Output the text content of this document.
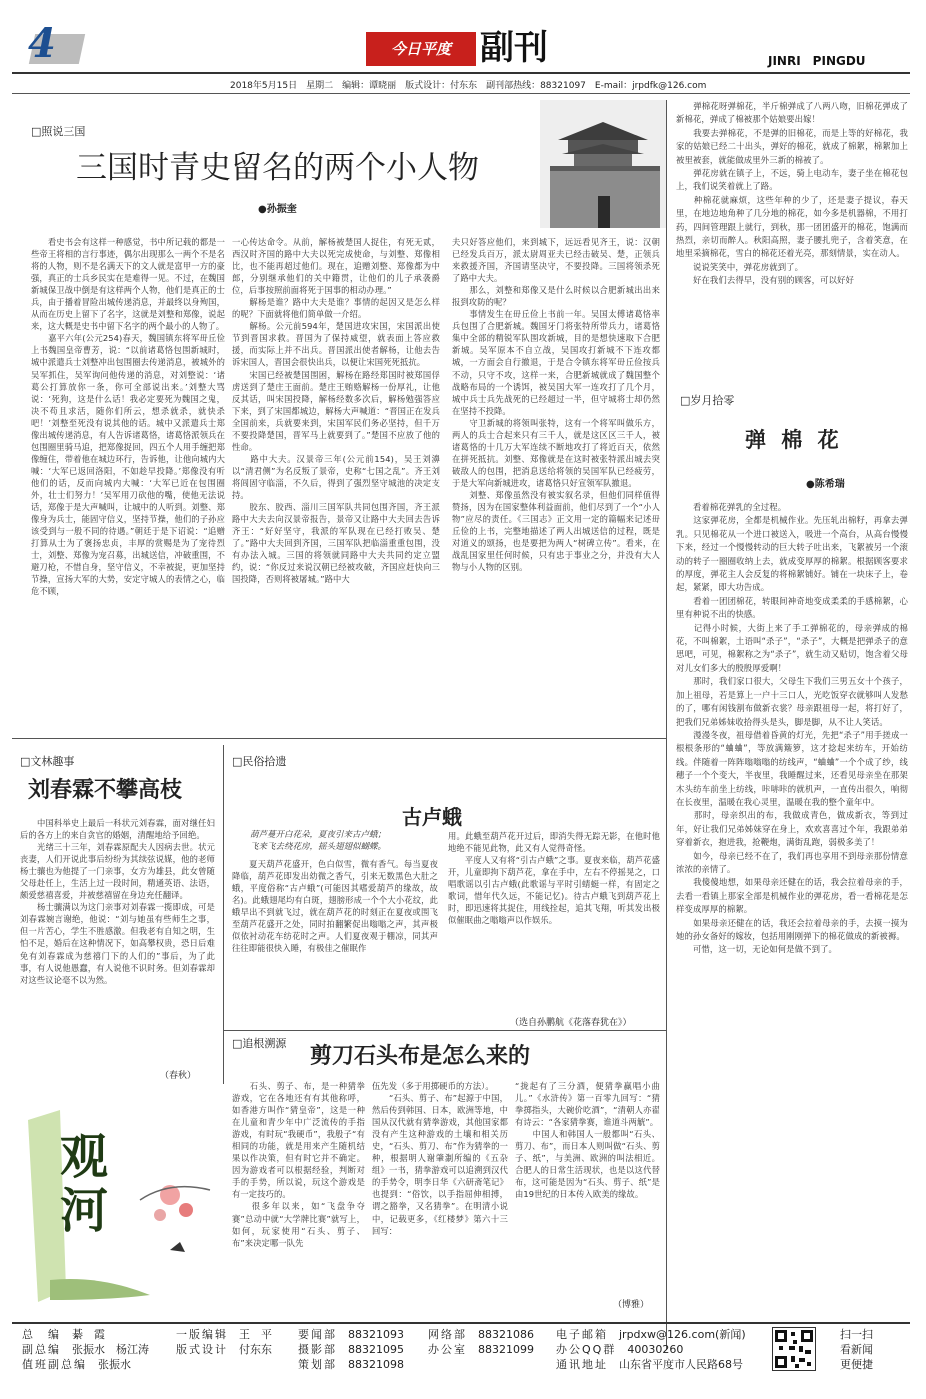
4	今日平度 副刊	JINRI　PINGDU
2018年5月15日　星期二　编辑：谭晓丽　版式设计：付东东　副刊部热线：88321097　E-mail：jrpdfk@126.com
□照说三国
三国时青史留名的两个小人物
●孙振奎
　　看史书会有这样一种感觉，书中所记载的都是一些帝王将相的言行事迹，偶尔出现那么一两个不是名将的人物，则不是名满天下的文人就是富甲一方的豪强，真正的士兵乡民实在是难得一见。不过，在魏国新城保卫战中倒是有这样两个人物，他们是真正的士兵，由于播着冒险出城传递消息，并最终以身殉国，从而在历史上留下了名字，这就是刘整和郑像，说起来，这大概是史书中留下名字的两个最小的人物了。
　　嘉平六年(公元254)春天，魏国镇东将军毌丘俭上书魏国皇帝曹芳，说：“以前诸葛恪包围新城时，城中派遣兵士刘整冲出包围圈去传递消息，被城外的吴军抓住，吴军询问他传递的消息，对刘整说：‘诸葛公打算放你一条，你可全部说出来。’刘整大骂说：‘死狗，这是什么话！我必定要死为魏国之鬼，决不苟且求活，随你们所云，想杀就杀，就快杀吧！’刘整至死没有说其他的话。城中又派遣兵士郑像出城传递消息，有人告诉诸葛恪，诸葛恪派领兵在包围圈里骑马追，把郑像捉回，四五个人用手缠把郑像缠住，带着他在城边环行，告诉他，让他向城内大喊：‘大军已返回洛阳，不如趁早投降。’郑像没有听他们的话，反而向城内大喊：‘大军已近在包围圈外，壮士们努力！’吴军用刀砍他的嘴，使他无法说话，郑像于是大声喊叫，让城中的人听到。刘整、郑像身为兵士，能固守信义，坚持节操，他们的子孙应该受到与一般不同的待遇。”朝廷于是下诏说：“追赠打算从士为了褒扬忠贞，丰厚的赏赐是为了宠待烈士，刘整、郑像为宠召募，出城送信，冲破重围，不避刀枪，不惜自身，坚守信义，不幸被捉，更加坚持节操，宣扬大军的大势，安定守城人的表情之心，临危不顾，
一心传达命令。从前，解杨被楚国人捉住，有死无贰，西汉时齐国的路中大夫以死完成使命，与刘整、郑像相比，也不能再超过他们。现在，追赠刘整、郑像都为中郎，分别继承他们的关中籍贯，让他们的儿子承袭爵位，后事按照前面将死于国事的相动办理。”
　　解杨是谁？路中大夫是谁？事情的起因又是怎么样的呢？下面就将他们简单做一介绍。
　　解杨。公元前594年，楚国进攻宋国，宋国派出使节到晋国求救。晋国为了保持威望，就表面上答应救援，而实际上并不出兵。晋国派出使者解杨，让他去告诉宋国人，晋国会很快出兵，以便让宋国死死抵抗。
　　宋国已经被楚国围困，解杨在路经郑国时被郑国俘虏送到了楚庄王面前。楚庄王贿赂解杨一份厚礼，让他反其话，叫宋国投降，解杨经数多次后，解杨勉强答应下来，到了宋国都城边，解杨大声喊道：“晋国正在发兵全国前来，兵就要来到，宋国军民们务必坚持，但千万不要投降楚国，晋军马上就要到了。”楚国不应放了他的性命。
　　路中大夫。汉景帝三年(公元前154)，吴王刘濞以“清君侧”为名反叛了景帝，史称“七国之乱”。齐王刘将闾固守临淄，不久后，得到了强烈坚守城池的决定支持。
　　胶东、胶西、淄川三国军队共同包围齐国，齐王派路中大夫去向汉景帝报告，景帝又让路中大夫回去告诉齐王：“好好坚守，我派的军队现在已经打败吴、楚了。”路中大夫回到齐国，三国军队把临淄重重包围，没有办法入城。三国的将领就同路中大夫共同约定立盟约，说：“你反过来说汉朝已经被攻破，齐国应赶快向三国投降，否则将被屠城。”路中大
夫只好答应他们，来到城下，远远看见齐王，说：汉朝已经发兵百万，派太尉周亚夫已经击破吴、楚，正领兵来救援齐国，齐国请坚决守，不要投降。三国将领杀死了路中大夫。
　　那么，刘整和郑像又是什么时候以合肥新城出出来报到攻防的呢？
　　事情发生在毌丘俭上书前一年。吴国太傅诸葛恪率兵包围了合肥新城。魏国牙门将张特所带兵力，诸葛恪集中全部的精锐军队围攻新城，目的是想快速取下合肥新城。吴军原本不自立战，吴国攻打新城不下连攻都城，一方面会自行撤退，于是合令镇东将军毌丘俭按兵不动，只守不攻，这样一来，合肥新城就成了魏国整个战略布局的一个诱饵，被吴国大军一连攻打了几个月，城中兵士兵先战死的已经超过一半，但守城将士却仍然在坚持不投降。
　　守卫新城的将领叫张特，这有一个将军叫做乐方，两人的兵士合起来只有三千人，就是这区区三千人，被诸葛恪的十几万大军连续不断地攻打了将近百天，依然在拼死抵抗。刘整、郑像就是在这时被张特派出城去突破敌人的包围，把消息送给将领的吴国军队已经疲劳，于是大军向新城进攻，诸葛恪只好宣领军队撤退。
　　刘整、郑像虽然没有被实叙名录，但他们同样值得赞扬，因为在国家整体利益面前，他们尽到了一个“小人物”应尽的责任。《三国志》正文用一定的篇幅来记述毌丘俭的上书，完整地描述了两人出城送信的过程，既是对道义的颂扬，也是要把为两人“树碑立传”。看来，在战乱国家里任何时候，只有忠于事业之分，并没有大人物与小人物的区别。
　　弹棉花呀弹棉花，半斤棉弹成了八两八吻，旧棉花弹成了新棉花，弹成了棉被那个姑娘要出嫁！
　　我要去弹棉花，不是弹的旧棉花，而是上等的好棉花，我家的姑娘已经二十出头，弹好的棉花，就成了棉絮，棉絮加上被里被套，就能做成里外三新的棉被了。
　　弹花房就在镇子上，不远，骑上电动车，妻子坐在棉花包上，我们说笑着就上了路。
　　种棉花就麻烦，这些年种的少了，还是妻子提议，春天里，在地边地角种了几分地的棉花，如今多是机器棉，不用打药，四间管理跟上就行，到秋，那一团团盛开的棉花，饱满而热烈，亲切而醉人。秋阳高照，妻子腰扎兜子，含着笑意，在地里采摘棉花，雪白的棉花还着光亮，那刻情景，实在动人。
　　说说笑笑中，弹花房就到了。
　　好在我们去得早，没有别的顾客，可以好好
□岁月拾零
弹 棉 花
●陈希瑞
　　看着棉花弹乳的全过程。
　　这家弹花房，全都是机械作业。先压轧出棉籽，再拿去弹乳。只见棉花从一个进口被送入，吸进一个高台，从高台慢慢下来，经过一个慢慢转动的巨大转子吐出来，飞絮被另一个滚动的转子一圈圈收纳上去，就成变厚厚的棉絮。根据顾客要求的厚度，弹花主人会反复的将棉絮铺好。铺在一块床子上，卷起，紧紧，即大功告成。
　　看着一团团棉花，转眼间神奇地变成柔柔的手感棉絮，心里有种说不出的快感。
　　记得小时候，大街上来了手工弹棉花的，母亲弹成的棉花，不叫棉絮，土语叫“杀子”，“杀子”，大概是把弹杀子的意思吧，可见，棉絮称之为“杀子”，就生动又贴切，饱含着父母对儿女们多大的殷殷厚爱啊！
　　那时，我们家口很大，父母生下我们三男五女十个孩子，加上祖母，若是算上一户十三口人，光吃饭穿衣就够叫人发愁的了，哪有闲钱割布做新衣裳？母亲跟祖母一起，将打好了，把我们兄弟姊妹收拾得头是头，脚是脚，从不让人笑话。
　　漫漫冬夜，祖母借着昏黄的灯光，先把“杀子”用手搓成一根根条形的“蛐蛐”，等放满簸箩，这才捻起来纺车，开始纺线。伴随着一阵阵嗡嗡嗡的纺线声，“蛐蛐”一个个成了纱，线穗子一个个变大，半夜里，我睡醒过来，还看见母亲坐在那架木头纺车前坐上纺线，咔哧咔的就机声，一直传出很久，响彻在长夜里，温暖在我心灵里，温暖在我的整个童年中。
　　那时，母亲织出的布，我做成青色，做成新衣，等到过年，好让我们兄弟姊妹穿在身上，欢欢喜喜过个年，我跟弟弟穿着新衣，抱进我，抢鞭炮，满街乱跑，弱极多美了！
　　如今，母亲已经不在了，我们再也享用不到母亲那份情意浓浓的亲情了。
　　我傻傻地想，如果母亲还健在的话，我会拉着母亲的手，去看一看镇上那家全部是机械作业的弹花房，看一看棉花是怎样变成厚厚的棉絮。
　　如果母亲还健在的话，我还会拉着母亲的手，去摸一摸为她的孙女备好的嫁妆，包括用刚刚弹下的棉花做成的新被褥。
　　可惜，这一切，无论如何是做不到了。
□文林趣事
刘春霖不攀高枝
　　中国科举史上最后一科状元刘春霖，面对继任妇后的各方上的来自贪官的婚姻，清醒地给予回绝。
　　光绪三十三年，刘春霖原配夫人因病去世。状元丧妻，人们开说此事后纷纷为其续弦说媒，他的老师杨士骧也为他提了一门亲事，女方为雄县，此女曾随父母赴任上，生活上过一段时间，精通英语、法语，颇爱慈禧喜爱，并被慈禧留在身边充任翻译。
　　杨士骧满以为这门亲事对刘春霖一揽即成，可是刘春霖婉言谢绝，他说：“刘与她虽有些师生之事，但一片苦心，学生不胜感激。但我老有自知之明，生怕不足，婚后在这种情况下，如高攀权贵，恐日后难免有刘春霖成为慈禧门下的人们的”事后，为了此事，有人说他愚蠢，有人说他不识时务。但刘春霖却对这些议论毫不以为然。
（春秋）
□民俗拾遗
古卢蛾
葫芦蔓开白花朵，夏夜引来古卢蛾；
飞来飞去绕花房，摇头翅翅似蝴蝶。
　　夏天葫芦花盛开，色白似雪，微有香气。每当夏夜降临，葫芦花即发出幼微之香气，引来无数黑色大肚之蛾，平度俗称“古卢蛾”(可能因其嗜爱葫芦的缘故，故名)。此蛾翅尾均有白斑，翅膀形成一个个大小花纹，此蛾早出不到就飞过，就在葫芦花的时刻正在夏夜或围飞至葫芦花盛开之处，同时拍翻繁促出嗡嗡之声，其声极似依衬动花车纺花时之声。人们夏夜观于棚凉，同其声往往即能很快入睡，有极佳之催眠作
用。此蛾至葫芦花开过后，即消失得无踪无影，在他时他地绝不能见此物，此又有人觉得奇怪。
　　平度人又有将“引古卢蛾”之事。夏夜来临，葫芦花盛开，儿童即拘下葫芦花，拿在手中，左右不停摇晃之，口唱歌谣以引古卢蛾(此歌谣与平时引蜻蜓一样，有固定之歌词，惜年代久远，不能记忆)。待古卢蛾飞到葫芦花上时，即迅速将其捉住，用线拴起，追其飞翔，听其发出极似催眠曲之嗡嗡声以作娱乐。
（选自孙鹏航《花落春犹在》）
□追根溯源 剪刀石头布是怎么来的
　　石头、剪子、布，是一种猜拳游戏，它在各地还有有其他称呼，如香港方叫作“猜皇帝”，这是一种在儿童和青少年中广泛流传的手指游戏，有时玩“我硬币”，我般子“有相同的功能，就是用来产生随机结果以作决策，但有时它并不确定。因为游戏者可以根据经验，判断对手的手势，所以说，玩这个游戏是有一定技巧的。
　　很多年以来，如“飞盘争夺赛”总动中就“大学牌比赛”就写上，如何，玩家使用“石头、剪子、布”来决定哪一队先
伍先发（多于用掷硬币的方法）。
　　“石头、剪子、布”起源于中国，然后传到韩国、日本，欧洲等地，中国从汉代就有猜拳游戏，其他国家都没有产生这种游戏的土壤和相关历史，“石头、剪刀、布”作为猜拳的一种，根据明人谢肇淛所编的《五杂组》一书，猜拳游戏可以追溯到汉代的手势令，明李日华《六研斋笔记》也提到：“俗饮，以手指屈伸相搏，谓之豁拳，又名猜拳”。在明清小说中，记载更多，《红楼梦》第六十三回写：
“拢起有了三分酒，便猜拳赢唱小曲儿。”《水浒传》第一百零九回写：“猜拳掷指头，大碗价吃酒”，“清朝人亦翟有诗云：“各家猜拳赛，谁道斗两觥”。
　　中国人和韩国人一般都叫“石头、剪刀、布”，而日本人则叫做“石头、剪子、纸”，与美洲、欧洲的叫法相近。合肥人的日常生活现状，也是以这代替布，这可能是因为“石头、剪子、纸”是由19世纪的日本传入欧美的缘故。
（博雅）
观河
总　编　 綦　霞
副总编　 张振水　杨江涛
值班副总编　 张振水
一版编辑　 王　平
版式设计　 付东东
要闻部　 88321093
摄影部　 88321095
策划部　 88321098
网络部　 88321086
办公室　 88321099
电子邮箱　 jrpdxw@126.com(新闻)
办公QQ群　 40030260
通讯地址　 山东省平度市人民路68号
扫一扫
看新闻
更便捷
